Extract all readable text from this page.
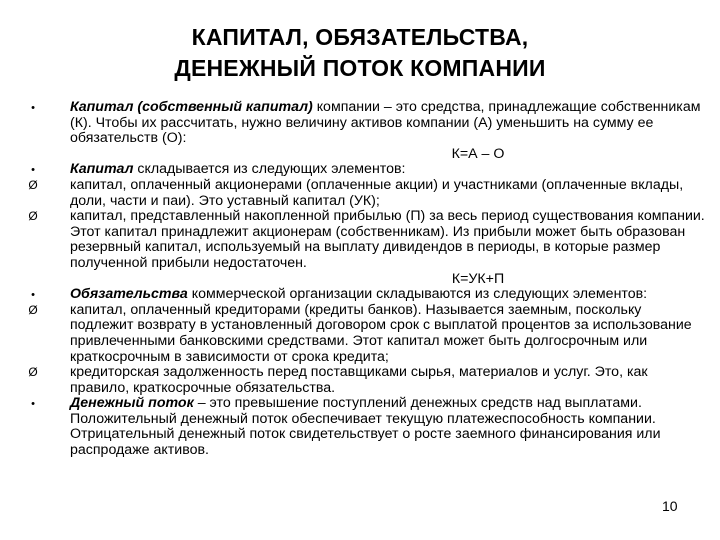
КАПИТАЛ, ОБЯЗАТЕЛЬСТВА,
ДЕНЕЖНЫЙ ПОТОК КОМПАНИИ
•	Капитал (собственный капитал) компании – это средства, принадлежащие собственникам (К). Чтобы их рассчитать, нужно величину активов компании (А) уменьшить на сумму ее обязательств (О):
К=А – О
•	Капитал складывается из следующих элементов:
Ø	капитал, оплаченный акционерами (оплаченные акции) и участниками (оплаченные вклады, доли, части и паи). Это уставный капитал (УК);
Ø	капитал, представленный накопленной прибылью (П) за весь период существования компании. Этот капитал принадлежит акционерам (собственникам). Из прибыли может быть образован резервный капитал, используемый на выплату дивидендов в периоды, в которые размер полученной прибыли недостаточен.
К=УК+П
•	Обязательства коммерческой организации складываются из следующих элементов:
Ø	капитал, оплаченный кредиторами (кредиты банков). Называется заемным, поскольку подлежит возврату в установленный договором срок с выплатой процентов за использование привлеченными банковскими средствами. Этот капитал может быть долгосрочным или краткосрочным в зависимости от срока кредита;
Ø	кредиторская задолженность перед поставщиками сырья, материалов и услуг. Это, как правило, краткосрочные обязательства.
•	Денежный поток – это превышение поступлений денежных средств над выплатами. Положительный денежный поток обеспечивает текущую платежеспособность компании. Отрицательный денежный поток свидетельствует о росте заемного финансирования или распродаже активов.
10
